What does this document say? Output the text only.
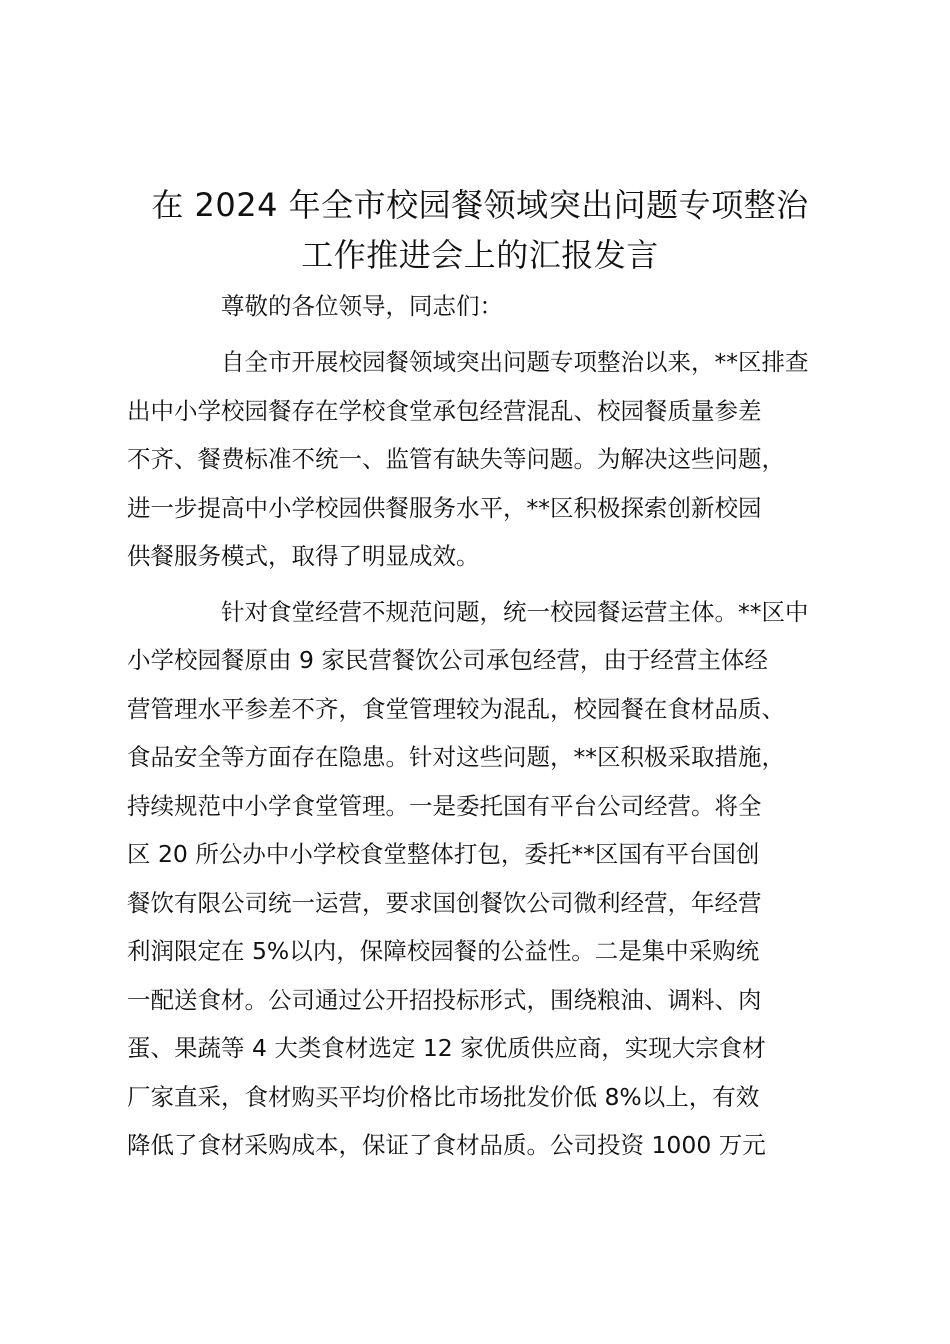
在 2024 年全市校园餐领域突出问题专项整治
工作推进会上的汇报发言

尊敬的各位领导，同志们：

自全市开展校园餐领域突出问题专项整治以来，**区排查
出中小学校园餐存在学校食堂承包经营混乱、校园餐质量参差
不齐、餐费标准不统一、监管有缺失等问题。为解决这些问题，
进一步提高中小学校园供餐服务水平，**区积极探索创新校园
供餐服务模式，取得了明显成效。

针对食堂经营不规范问题，统一校园餐运营主体。**区中
小学校园餐原由 9 家民营餐饮公司承包经营，由于经营主体经
营管理水平参差不齐，食堂管理较为混乱，校园餐在食材品质、
食品安全等方面存在隐患。针对这些问题，**区积极采取措施，
持续规范中小学食堂管理。一是委托国有平台公司经营。将全
区 20 所公办中小学校食堂整体打包，委托**区国有平台国创
餐饮有限公司统一运营，要求国创餐饮公司微利经营，年经营
利润限定在 5%以内，保障校园餐的公益性。二是集中采购统
一配送食材。公司通过公开招投标形式，围绕粮油、调料、肉
蛋、果蔬等 4 大类食材选定 12 家优质供应商，实现大宗食材
厂家直采，食材购买平均价格比市场批发价低 8%以上，有效
降低了食材采购成本，保证了食材品质。公司投资 1000 万元
